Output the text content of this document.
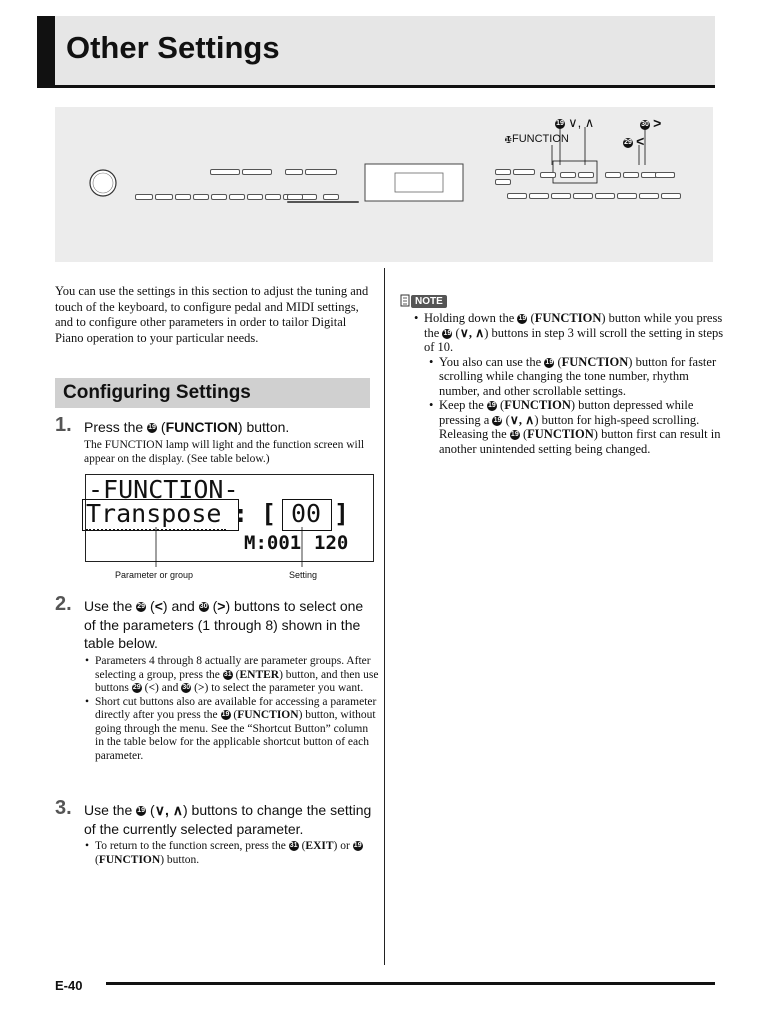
Other Settings
19 ∨, ∧	30 >
19FUNCTION	29 <
You can use the settings in this section to adjust the tuning and touch of the keyboard, to configure pedal and MIDI settings, and to configure other parameters in order to tailor Digital Piano operation to your particular needs.
Configuring Settings
1. Press the 19 (FUNCTION) button.
The FUNCTION lamp will light and the function screen will appear on the display. (See table below.)
-FUNCTION-
Transpose : [ 00 ]
M:001 120
Parameter or group	Setting
2. Use the 29 (<) and 30 (>) buttons to select one of the parameters (1 through 8) shown in the table below.
• Parameters 4 through 8 actually are parameter groups. After selecting a group, press the 31 (ENTER) button, and then use buttons 29 (<) and 30 (>) to select the parameter you want.
• Short cut buttons also are available for accessing a parameter directly after you press the 19 (FUNCTION) button, without going through the menu. See the “Shortcut Button” column in the table below for the applicable shortcut button of each parameter.
3. Use the 19 (∨, ∧) buttons to change the setting of the currently selected parameter.
• To return to the function screen, press the 31 (EXIT) or 19 (FUNCTION) button.
NOTE
• Holding down the 19 (FUNCTION) button while you press the 19 (∨, ∧) buttons in step 3 will scroll the setting in steps of 10.
• You also can use the 19 (FUNCTION) button for faster scrolling while changing the tone number, rhythm number, and other scrollable settings.
• Keep the 19 (FUNCTION) button depressed while pressing a 19 (∨, ∧) button for high-speed scrolling. Releasing the 19 (FUNCTION) button first can result in another unintended setting being changed.
E-40
